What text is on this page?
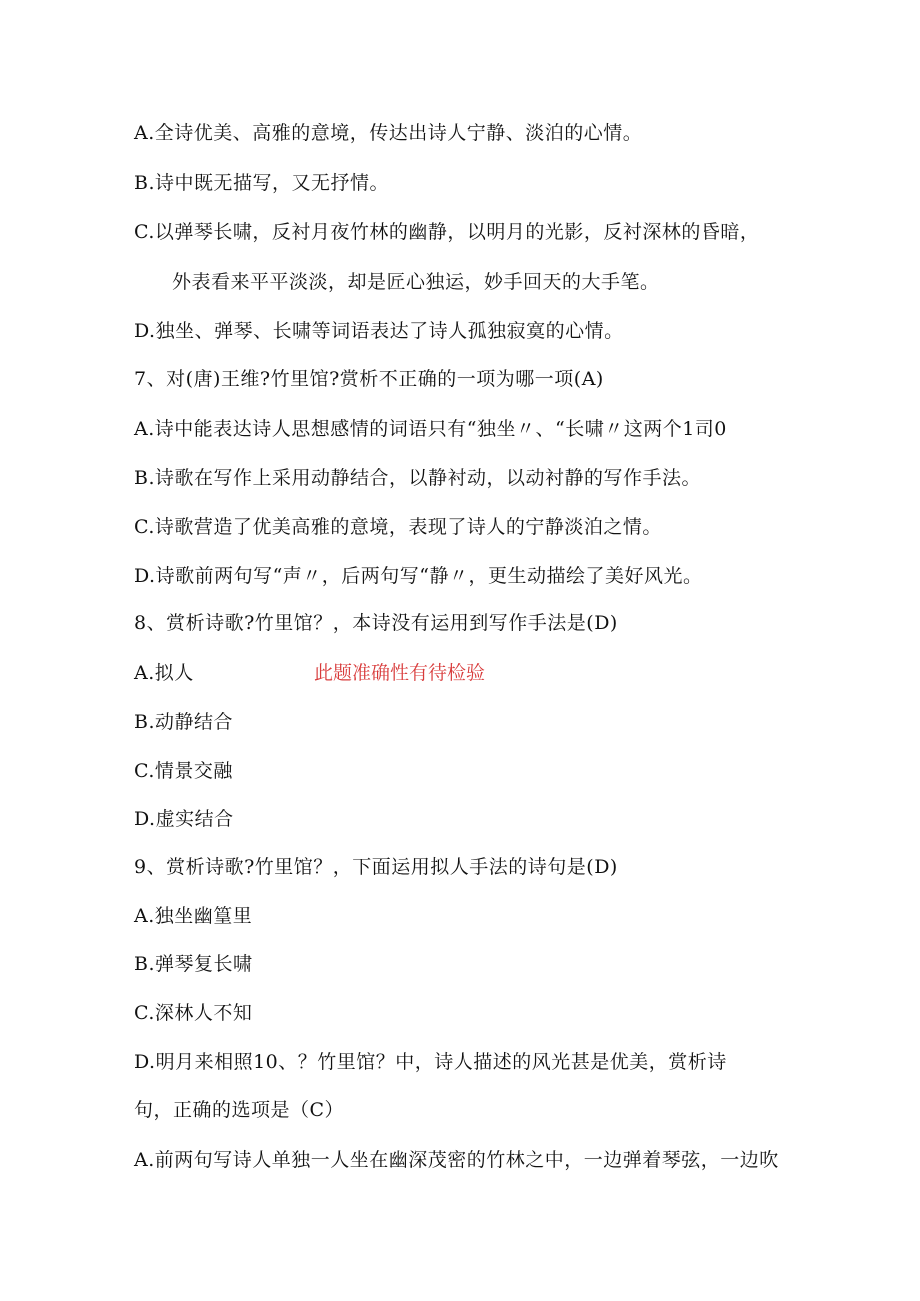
A.全诗优美、高雅的意境，传达出诗人宁静、淡泊的心情。
B.诗中既无描写，又无抒情。
C.以弹琴长啸，反衬月夜竹林的幽静，以明月的光影，反衬深林的昏暗，
外表看来平平淡淡，却是匠心独运，妙手回天的大手笔。
D.独坐、弹琴、长啸等词语表达了诗人孤独寂寞的心情。
7、对(唐)王维?竹里馆?赏析不正确的一项为哪一项(A)
A.诗中能表达诗人思想感情的词语只有“独坐〃、“长啸〃这两个1司0
B.诗歌在写作上采用动静结合，以静衬动，以动衬静的写作手法。
C.诗歌营造了优美高雅的意境，表现了诗人的宁静淡泊之情。
D.诗歌前两句写“声〃，后两句写“静〃，更生动描绘了美好风光。
8、赏析诗歌?竹里馆？，本诗没有运用到写作手法是(D)
A.拟人	此题准确性有待检验
B.动静结合
C.情景交融
D.虚实结合
9、赏析诗歌?竹里馆？，下面运用拟人手法的诗句是(D)
A.独坐幽篁里
B.弹琴复长啸
C.深林人不知
D.明月来相照10、？竹里馆？中，诗人描述的风光甚是优美，赏析诗
句，正确的选项是（C）
A.前两句写诗人单独一人坐在幽深茂密的竹林之中，一边弹着琴弦，一边吹
